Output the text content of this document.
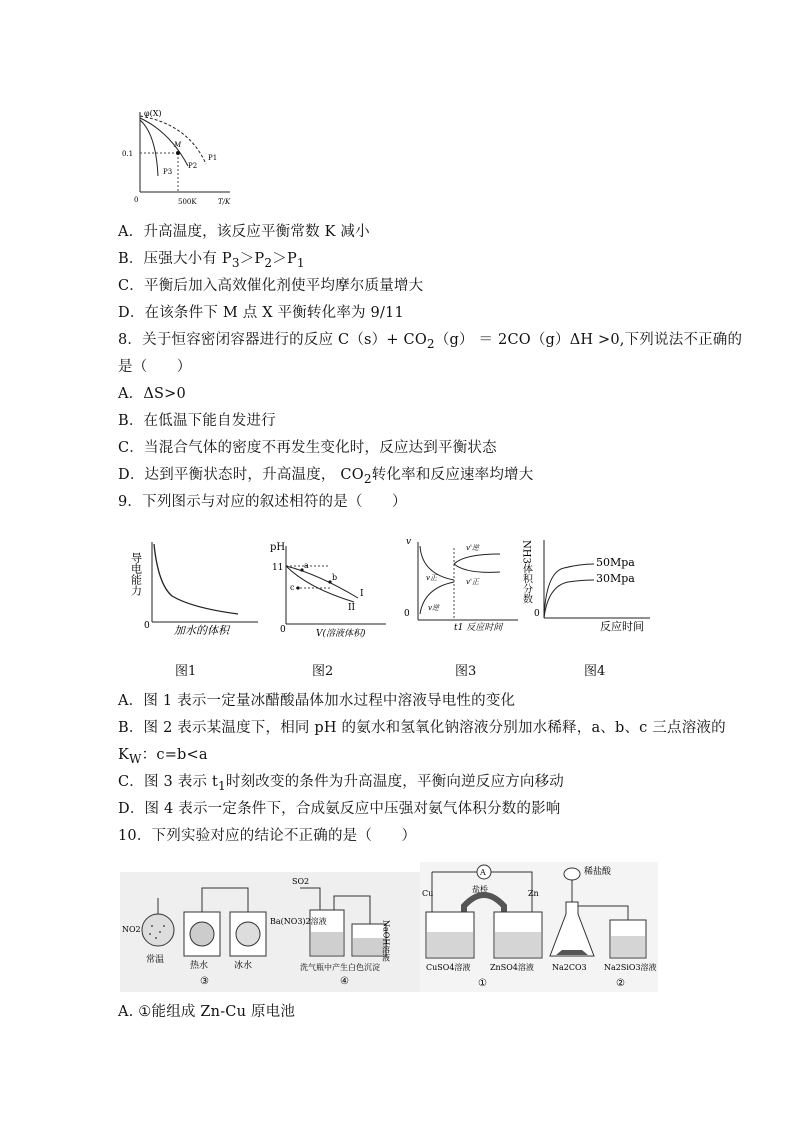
φ(X)
T/K
0
0.1
500K
M
P1
P2
P3
A．升高温度，该反应平衡常数 K 减小
B．压强大小有 $P_3>P_2>P_1$
C．平衡后加入高效催化剂使平均摩尔质量增大
D．在该条件下 M 点 X 平衡转化率为 9/11
8．关于恒容密闭容器进行的反应 $C(s)+ CO_2(g) = 2CO(g)\Delta H >0$,下列说法不正确的
是（　　）
A．ΔS>0
B．在低温下能自发进行
C．当混合气体的密度不再发生变化时，反应达到平衡状态
D．达到平衡状态时，升高温度， $CO_2$转化率和反应速率均增大
9．下列图示与对应的叙述相符的是（　　）
导电能力
0 加水的体积
图1
pH
11	a
b
c
I
II
0	V(溶液体积)
图2
v
v'逆
v正	v'正
v逆
0
t1 反应时间
图3
NH3体积分数	50Mpa
30Mpa
0
反应时间
图4
A．图 1 表示一定量冰醋酸晶体加水过程中溶液导电性的变化
B．图 2 表示某温度下，相同 pH 的氨水和氢氧化钠溶液分别加水稀释，a、b、c 三点溶液的
$K_W$：c=b<a
C．图 3 表示 $t_1$时刻改变的条件为升高温度，平衡向逆反应方向移动
D．图 4 表示一定条件下，合成氨反应中压强对氨气体积分数的影响
10．下列实验对应的结论不正确的是（　　）
NO2
常温
热水	冰水
③
SO2
Ba(NO3)2溶液	NaOH溶液
洗气瓶中产生白色沉淀
④
A
盐桥
Cu	Zn
CuSO4溶液 ZnSO4溶液
①
稀盐酸
Na2CO3 Na2SiO3溶液
②
A. ①能组成 Zn-Cu 原电池
